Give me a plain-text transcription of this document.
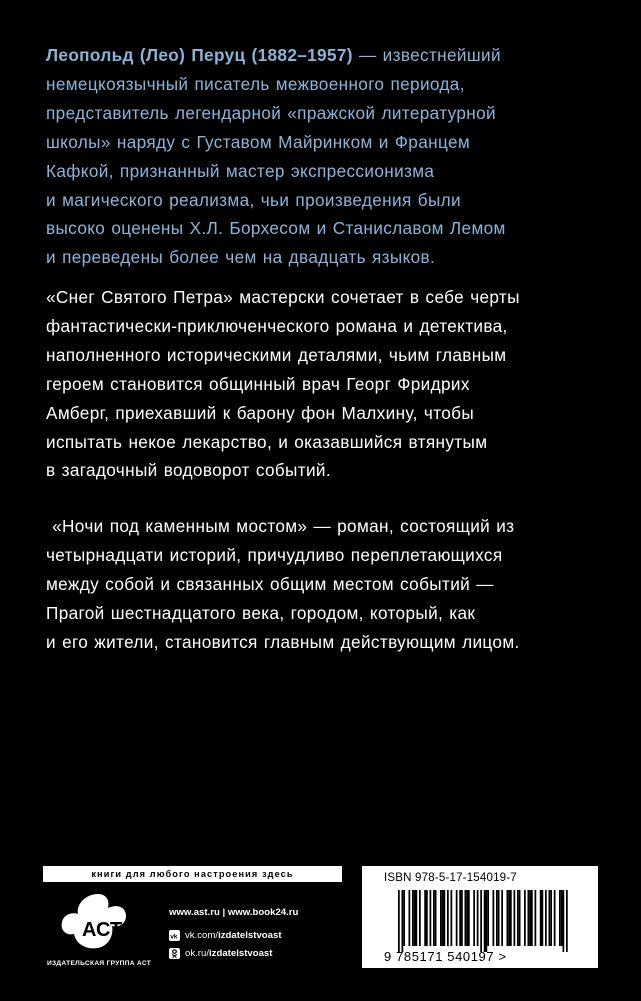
Леопольд (Лео) Перуц (1882–1957) — известнейший
немецкоязычный писатель межвоенного периода,
представитель легендарной «пражской литературной
школы» наряду с Густавом Майринком и Францем
Кафкой, признанный мастер экспрессионизма
и магического реализма, чьи произведения были
высоко оценены Х.Л. Борхесом и Станиславом Лемом
и переведены более чем на двадцать языков.
«Снег Святого Петра» мастерски сочетает в себе черты
фантастически-приключенческого романа и детектива,
наполненного историческими деталями, чьим главным
героем становится общинный врач Георг Фридрих
Амберг, приехавший к барону фон Малхину, чтобы
испытать некое лекарство, и оказавшийся втянутым
в загадочный водоворот событий.
«Ночи под каменным мостом» — роман, состоящий из
четырнадцати историй, причудливо переплетающихся
между собой и связанных общим местом событий —
Прагой шестнадцатого века, городом, который, как
и его жители, становится главным действующим лицом.
книги для любого настроения здесь
АСТ
ИЗДАТЕЛЬСКАЯ ГРУППА АСТ
www.ast.ru | www.book24.ru
vk vk.com/izdatelstvoast
ok.ru/izdatelstvoast
ISBN 978-5-17-154019-7
9 785171 540197 >
